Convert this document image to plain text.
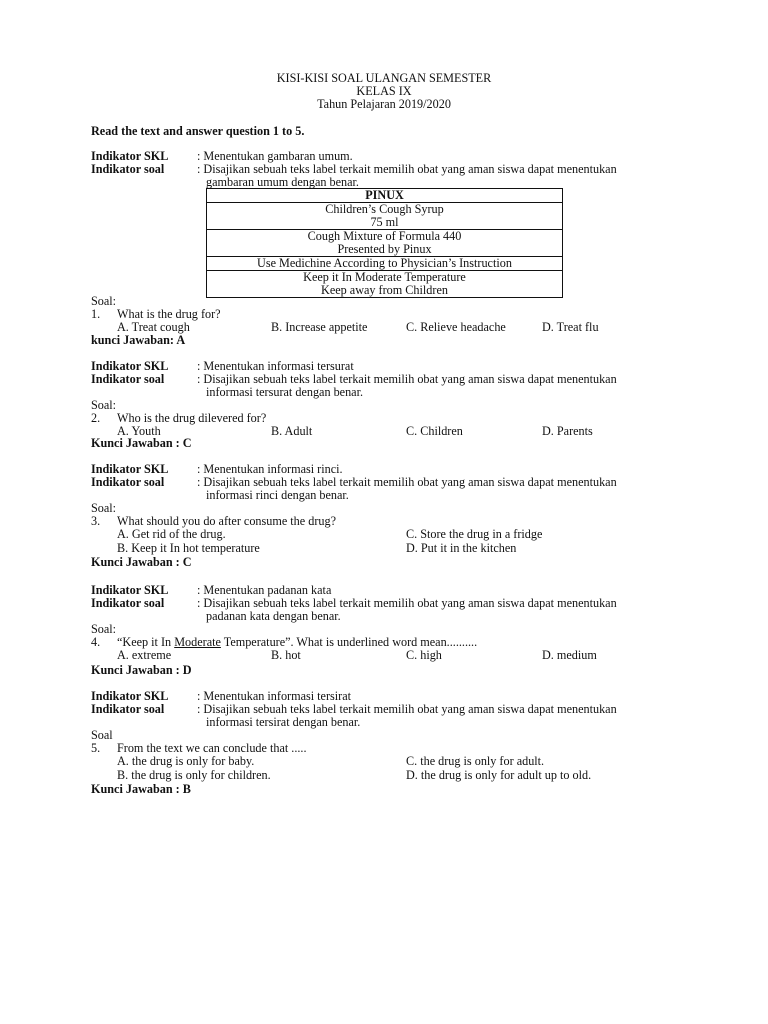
KISI-KISI SOAL ULANGAN SEMESTER
KELAS IX
Tahun Pelajaran 2019/2020
Read the text and answer question 1 to 5.
Indikator SKL : Menentukan gambaran umum.
Indikator soal	: Disajikan sebuah teks label terkait memilih obat yang aman siswa dapat menentukan
gambaran umum dengan benar.
PINUX
Children’s Cough Syrup
75 ml
Cough Mixture of Formula 440
Presented by Pinux
Use Medichine According to Physician’s Instruction
Keep it In Moderate Temperature
Keep away from Children
Soal:
1. What is the drug for?
A. Treat cough	B. Increase appetite	C. Relieve headache	D. Treat flu
kunci Jawaban: A
Indikator SKL : Menentukan informasi tersurat
Indikator soal	: Disajikan sebuah teks label terkait memilih obat yang aman siswa dapat menentukan
informasi tersurat dengan benar.
Soal:
2. Who is the drug dilevered for?
A. Youth	B. Adult	C. Children	D. Parents
Kunci Jawaban : C
Indikator SKL : Menentukan informasi rinci.
Indikator soal	: Disajikan sebuah teks label terkait memilih obat yang aman siswa dapat menentukan
informasi rinci dengan benar.
Soal:
3. What should you do after consume the drug?
A. Get rid of the drug.	C. Store the drug in a fridge
B. Keep it In hot temperature	D. Put it in the kitchen
Kunci Jawaban : C
Indikator SKL : Menentukan padanan kata
Indikator soal	: Disajikan sebuah teks label terkait memilih obat yang aman siswa dapat menentukan
padanan kata dengan benar.
Soal:
4. “Keep it In Moderate Temperature”. What is underlined word mean..........
A. extreme	B. hot	C. high	D. medium
Kunci Jawaban : D
Indikator SKL : Menentukan informasi tersirat
Indikator soal	: Disajikan sebuah teks label terkait memilih obat yang aman siswa dapat menentukan
informasi tersirat dengan benar.
Soal
5. From the text we can conclude that .....
A. the drug is only for baby.	C. the drug is only for adult.
B. the drug is only for children.	D. the drug is only for adult up to old.
Kunci Jawaban : B
